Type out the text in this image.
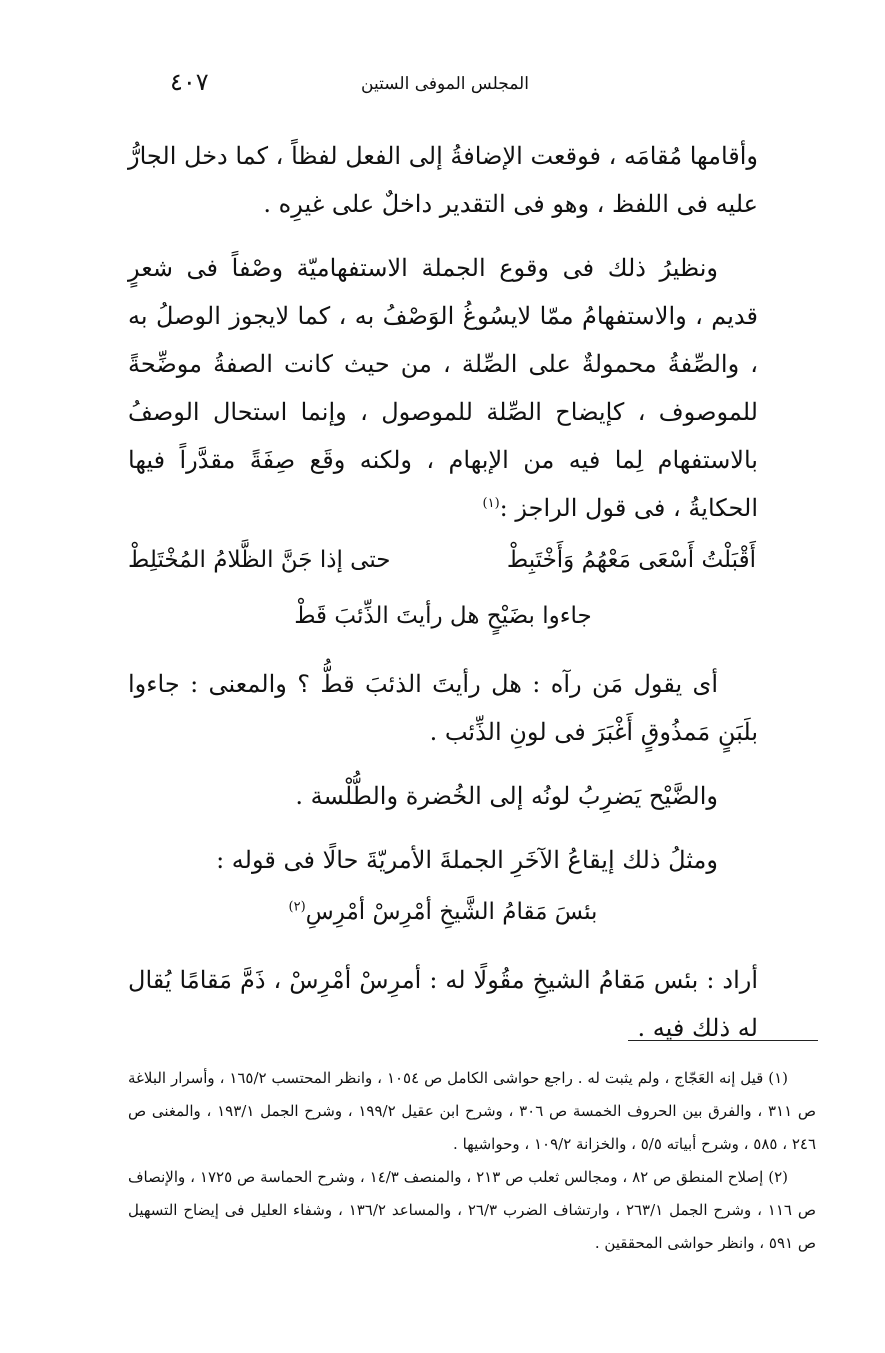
المجلس الموفى الستين
٤٠٧

وأقامها مُقامَه ، فوقعت الإضافةُ إلى الفعل لفظاً ، كما دخل الجارُّ عليه فى اللفظ ، وهو فى التقدير داخلٌ على غيرِه .

ونظيرُ ذلك فى وقوع الجملة الاستفهاميّة وصْفاً فى شعرٍ قديم ، والاستفهامُ ممّا لايسُوغُ الوَصْفُ به ، كما لايجوز الوصلُ به ، والصِّفةُ محمولةٌ على الصِّلة ، من حيث كانت الصفةُ موضِّحةً للموصوف ، كإيضاح الصِّلة للموصول ، وإنما استحال الوصفُ بالاستفهام لِما فيه من الإبهام ، ولكنه وقَع صِفَةً مقدَّراً فيها الحكايةُ ، فى قول الراجز :$^{(١)}$

أَقْبَلْتُ أَسْعَى مَعْهُمُ وَأَخْتَبِطْ
حتى إذا جَنَّ الظَّلامُ المُخْتَلِطْ
جاءوا بضَيْحٍ هل رأيتَ الذِّئبَ قَطْ

أى يقول مَن رآه : هل رأيتَ الذئبَ قطُّ ؟ والمعنى : جاءوا بلَبَنٍ مَمذُوقٍ أَغْبَرَ فى لونِ الذِّئب .

والضَّيْح يَضرِبُ لونُه إلى الخُضرة والطُّلْسة .

ومثلُ ذلك إيقاعُ الآخَرِ الجملةَ الأمريّةَ حالًا فى قوله :

بئسَ مَقامُ الشَّيخِ أمْرِسْ أمْرِسِ$^{(٢)}$

أراد : بئس مَقامُ الشيخِ مقُولًا له : أمرِسْ أمْرِسْ ، ذَمَّ مَقامًا يُقال له ذلك فيه .

(١) قيل إنه العَجّاج ، ولم يثبت له . راجع حواشى الكامل ص ١٠٥٤ ، وانظر المحتسب ١٦٥/٢ ، وأسرار البلاغة ص ٣١١ ، والفرق بين الحروف الخمسة ص ٣٠٦ ، وشرح ابن عقيل ١٩٩/٢ ، وشرح الجمل ١٩٣/١ ، والمغنى ص ٢٤٦ ، ٥٨٥ ، وشرح أبياته ٥/٥ ، والخزانة ١٠٩/٢ ، وحواشيها .

(٢) إصلاح المنطق ص ٨٢ ، ومجالس ثعلب ص ٢١٣ ، والمنصف ١٤/٣ ، وشرح الحماسة ص ١٧٢٥ ، والإنصاف ص ١١٦ ، وشرح الجمل ٢٦٣/١ ، وارتشاف الضرب ٢٦/٣ ، والمساعد ١٣٦/٢ ، وشفاء العليل فى إيضاح التسهيل ص ٥٩١ ، وانظر حواشى المحققين .
